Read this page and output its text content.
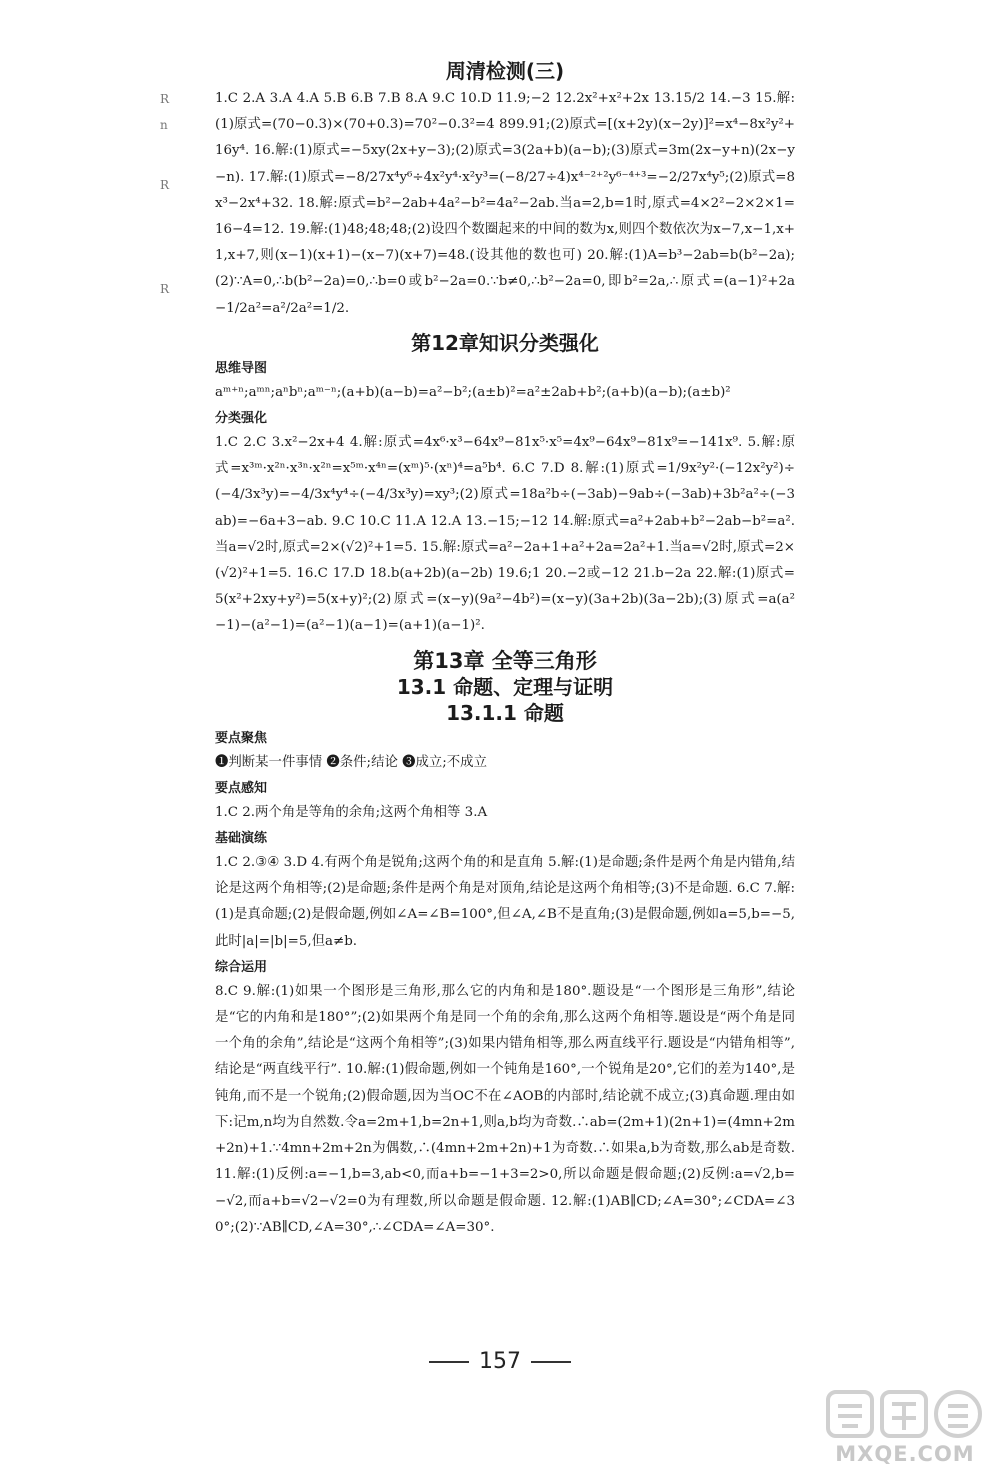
R
n
R
R
周清检测(三)

1.C 2.A 3.A 4.A 5.B 6.B 7.B 8.A 9.C 10.D 11.9;−2 12.2x²+x²+2x 13.15/2 14.−3 15.解:(1)原式=(70−0.3)×(70+0.3)=70²−0.3²=4 899.91;(2)原式=[(x+2y)(x−2y)]²=x⁴−8x²y²+16y⁴. 16.解:(1)原式=−5xy(2x+y−3);(2)原式=3(2a+b)(a−b);(3)原式=3m(2x−y+n)(2x−y−n). 17.解:(1)原式=−8/27x⁴y⁶÷4x²y⁴·x²y³=(−8/27÷4)x⁴⁻²⁺²y⁶⁻⁴⁺³=−2/27x⁴y⁵;(2)原式=8x³−2x⁴+32. 18.解:原式=b²−2ab+4a²−b²=4a²−2ab.当a=2,b=1时,原式=4×2²−2×2×1=16−4=12. 19.解:(1)48;48;48;(2)设四个数圈起来的中间的数为x,则四个数依次为x−7,x−1,x+1,x+7,则(x−1)(x+1)−(x−7)(x+7)=48.(设其他的数也可) 20.解:(1)A=b³−2ab=b(b²−2a);(2)∵A=0,∴b(b²−2a)=0,∴b=0或b²−2a=0.∵b≠0,∴b²−2a=0,即b²=2a,∴原式=(a−1)²+2a−1/2a²=a²/2a²=1/2.

第12章知识分类强化
思维导图

aᵐ⁺ⁿ;aᵐⁿ;aⁿbⁿ;aᵐ⁻ⁿ;(a+b)(a−b)=a²−b²;(a±b)²=a²±2ab+b²;(a+b)(a−b);(a±b)²

分类强化

1.C 2.C 3.x²−2x+4 4.解:原式=4x⁶·x³−64x⁹−81x⁵·x⁵=4x⁹−64x⁹−81x⁹=−141x⁹. 5.解:原式=x³ᵐ·x²ⁿ·x³ⁿ·x²ⁿ=x⁵ᵐ·x⁴ⁿ=(xᵐ)⁵·(xⁿ)⁴=a⁵b⁴. 6.C 7.D 8.解:(1)原式=1/9x²y²·(−12x²y²)÷(−4/3x³y)=−4/3x⁴y⁴÷(−4/3x³y)=xy³;(2)原式=18a²b÷(−3ab)−9ab÷(−3ab)+3b²a²÷(−3ab)=−6a+3−ab. 9.C 10.C 11.A 12.A 13.−15;−12 14.解:原式=a²+2ab+b²−2ab−b²=a².当a=√2时,原式=2×(√2)²+1=5. 15.解:原式=a²−2a+1+a²+2a=2a²+1.当a=√2时,原式=2×(√2)²+1=5. 16.C 17.D 18.b(a+2b)(a−2b) 19.6;1 20.−2或−12 21.b−2a 22.解:(1)原式=5(x²+2xy+y²)=5(x+y)²;(2)原式=(x−y)(9a²−4b²)=(x−y)(3a+2b)(3a−2b);(3)原式=a(a²−1)−(a²−1)=(a²−1)(a−1)=(a+1)(a−1)².

第13章 全等三角形
13.1 命题、定理与证明
13.1.1 命题
要点聚焦

❶判断某一件事情 ❷条件;结论 ❸成立;不成立

要点感知

1.C 2.两个角是等角的余角;这两个角相等 3.A

基础演练

1.C 2.③④ 3.D 4.有两个角是锐角;这两个角的和是直角 5.解:(1)是命题;条件是两个角是内错角,结论是这两个角相等;(2)是命题;条件是两个角是对顶角,结论是这两个角相等;(3)不是命题. 6.C 7.解:(1)是真命题;(2)是假命题,例如∠A=∠B=100°,但∠A,∠B不是直角;(3)是假命题,例如a=5,b=−5,此时|a|=|b|=5,但a≠b.

综合运用

8.C 9.解:(1)如果一个图形是三角形,那么它的内角和是180°.题设是“一个图形是三角形”,结论是“它的内角和是180°”;(2)如果两个角是同一个角的余角,那么这两个角相等.题设是“两个角是同一个角的余角”,结论是“这两个角相等”;(3)如果内错角相等,那么两直线平行.题设是“内错角相等”,结论是“两直线平行”. 10.解:(1)假命题,例如一个钝角是160°,一个锐角是20°,它们的差为140°,是钝角,而不是一个锐角;(2)假命题,因为当OC不在∠AOB的内部时,结论就不成立;(3)真命题.理由如下:记m,n均为自然数.令a=2m+1,b=2n+1,则a,b均为奇数.∴ab=(2m+1)(2n+1)=(4mn+2m+2n)+1.∵4mn+2m+2n为偶数,∴(4mn+2m+2n)+1为奇数.∴如果a,b为奇数,那么ab是奇数. 11.解:(1)反例:a=−1,b=3,ab<0,而a+b=−1+3=2>0,所以命题是假命题;(2)反例:a=√2,b=−√2,而a+b=√2−√2=0为有理数,所以命题是假命题. 12.解:(1)AB∥CD;∠A=30°;∠CDA=∠30°;(2)∵AB∥CD,∠A=30°,∴∠CDA=∠A=30°.

157
MXQE.COM
